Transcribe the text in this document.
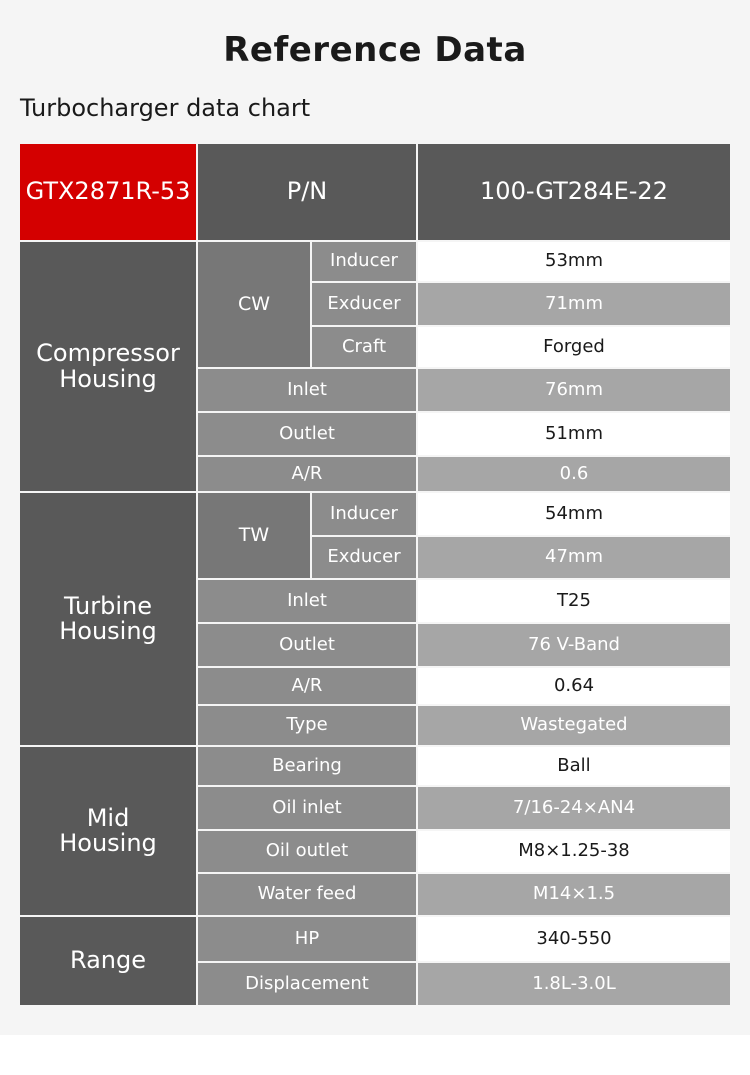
Reference Data
Turbocharger data chart
GTX2871R-53	P/N	100-GT284E-22
Compressor Housing
CW
Inducer	53mm
Exducer	71mm
Craft	Forged
Inlet	76mm
Outlet	51mm
A/R	0.6
Turbine Housing
TW
Inducer	54mm
Exducer	47mm
Inlet	T25
Outlet	76 V-Band
A/R	0.64
Type	Wastegated
Mid Housing
Bearing	Ball
Oil inlet	7/16-24×AN4
Oil outlet	M8×1.25-38
Water feed	M14×1.5
Range
HP	340-550
Displacement	1.8L-3.0L
